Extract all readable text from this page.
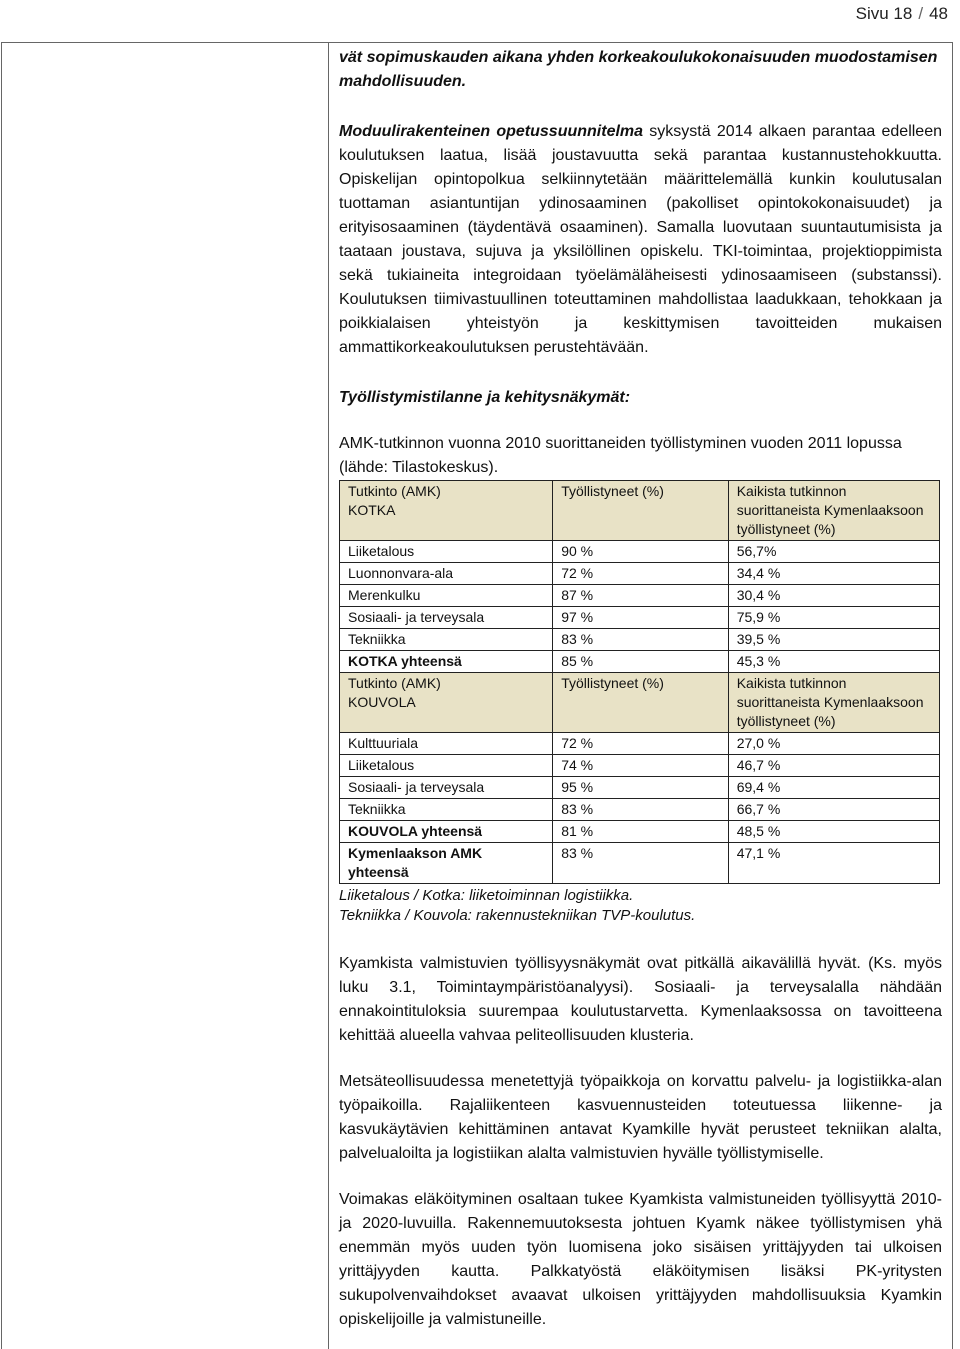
Sivu 18 / 48

vät sopimuskauden aikana yhden korkeakoulukokonaisuuden muodostamisen mahdollisuuden.

Moduulirakenteinen opetussuunnitelma syksystä 2014 alkaen parantaa edelleen koulutuksen laatua, lisää joustavuutta sekä parantaa kustannustehokkuutta. Opiskelijan opintopolkua selkiinnytetään määrittelemällä kunkin koulutusalan tuottaman asiantuntijan ydinosaaminen (pakolliset opintokokonaisuudet) ja erityisosaaminen (täydentävä osaaminen). Samalla luovutaan suuntautumisista ja taataan joustava, sujuva ja yksilöllinen opiskelu. TKI-toimintaa, projektioppimista sekä tukiaineita integroidaan työelämäläheisesti ydinosaamiseen (substanssi). Koulutuksen tiimivastuullinen toteuttaminen mahdollistaa laadukkaan, tehokkaan ja poikkialaisen yhteistyön ja keskittymisen tavoitteiden mukaisen ammattikorkeakoulutuksen perustehtävään.

Työllistymistilanne ja kehitysnäkymät:

AMK-tutkinnon vuonna 2010 suorittaneiden työllistyminen vuoden 2011 lopussa (lähde: Tilastokeskus).

Tutkinto (AMK)
KOTKA	Työllistyneet (%)	Kaikista tutkinnon suorittaneista Kymenlaaksoon työllistyneet (%)
Liiketalous	90 %	56,7%
Luonnonvara-ala	72 %	34,4 %
Merenkulku	87 %	30,4 %
Sosiaali- ja terveysala	97 %	75,9 %
Tekniikka	83 %	39,5 %
KOTKA yhteensä	85 %	45,3 %
Tutkinto (AMK)
KOUVOLA	Työllistyneet (%)	Kaikista tutkinnon suorittaneista Kymenlaaksoon työllistyneet (%)
Kulttuuriala	72 %	27,0 %
Liiketalous	74 %	46,7 %
Sosiaali- ja terveysala	95 %	69,4 %
Tekniikka	83 %	66,7 %
KOUVOLA yhteensä	81 %	48,5 %
Kymenlaakson AMK yhteensä	83 %	47,1 %
Liiketalous / Kotka: liiketoiminnan logistiikka.
Tekniikka / Kouvola: rakennustekniikan TVP-koulutus.

Kyamkista valmistuvien työllisyysnäkymät ovat pitkällä aikavälillä hyvät. (Ks. myös luku 3.1, Toimintaympäristöanalyysi). Sosiaali- ja terveysalalla nähdään ennakointituloksia suurempaa koulutustarvetta. Kymenlaaksossa on tavoitteena kehittää alueella vahvaa peliteollisuuden klusteria.

Metsäteollisuudessa menetettyjä työpaikkoja on korvattu palvelu- ja logistiikka-alan työpaikoilla. Rajaliikenteen kasvuennusteiden toteutuessa liikenne- ja kasvukäytävien kehittäminen antavat Kyamkille hyvät perusteet tekniikan alalta, palvelualoilta ja logistiikan alalta valmistuvien hyvälle työllistymiselle.

Voimakas eläköityminen osaltaan tukee Kyamkista valmistuneiden työllisyyttä 2010- ja 2020-luvuilla. Rakennemuutoksesta johtuen Kyamk näkee työllistymisen yhä enemmän myös uuden työn luomisena joko sisäisen yrittäjyyden tai ulkoisen yrittäjyyden kautta. Palkkatyöstä eläköitymisen lisäksi PK-yritysten sukupolvenvaihdokset avaavat ulkoisen yrittäjyyden mahdollisuuksia Kyamkin opiskelijoille ja valmistuneille.
